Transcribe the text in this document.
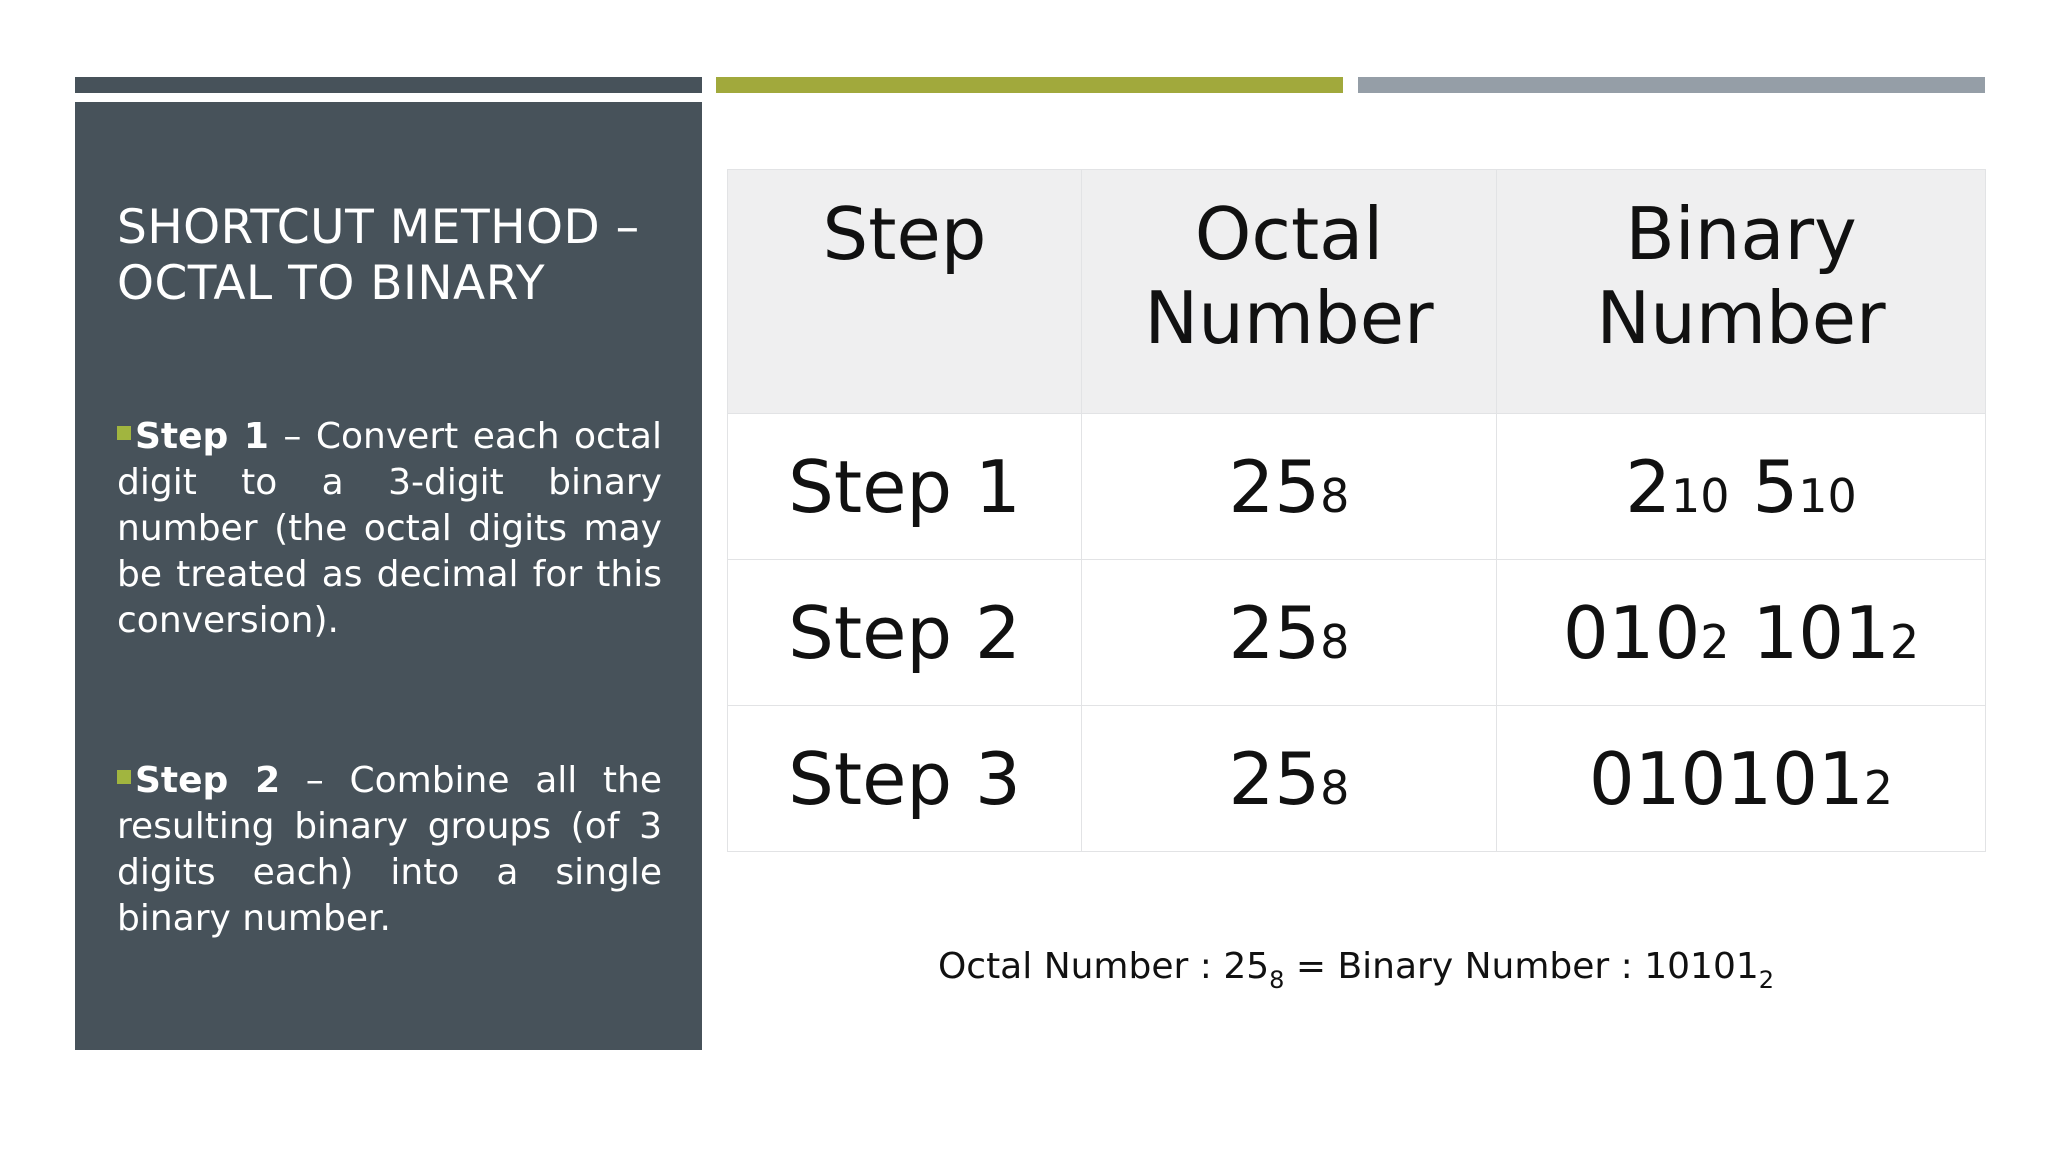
SHORTCUT METHOD – OCTAL TO BINARY
Step 1 – Convert each octal digit to a 3-digit binary number (the octal digits may be treated as decimal for this conversion).
Step 2 – Combine all the resulting binary groups (of 3 digits each) into a single binary number.
Step	Octal Number	Binary Number
Step 1	258	210 510
Step 2	258	0102 1012
Step 3	258	0101012
Octal Number : $25_8$ = Binary Number : $10101_2$
